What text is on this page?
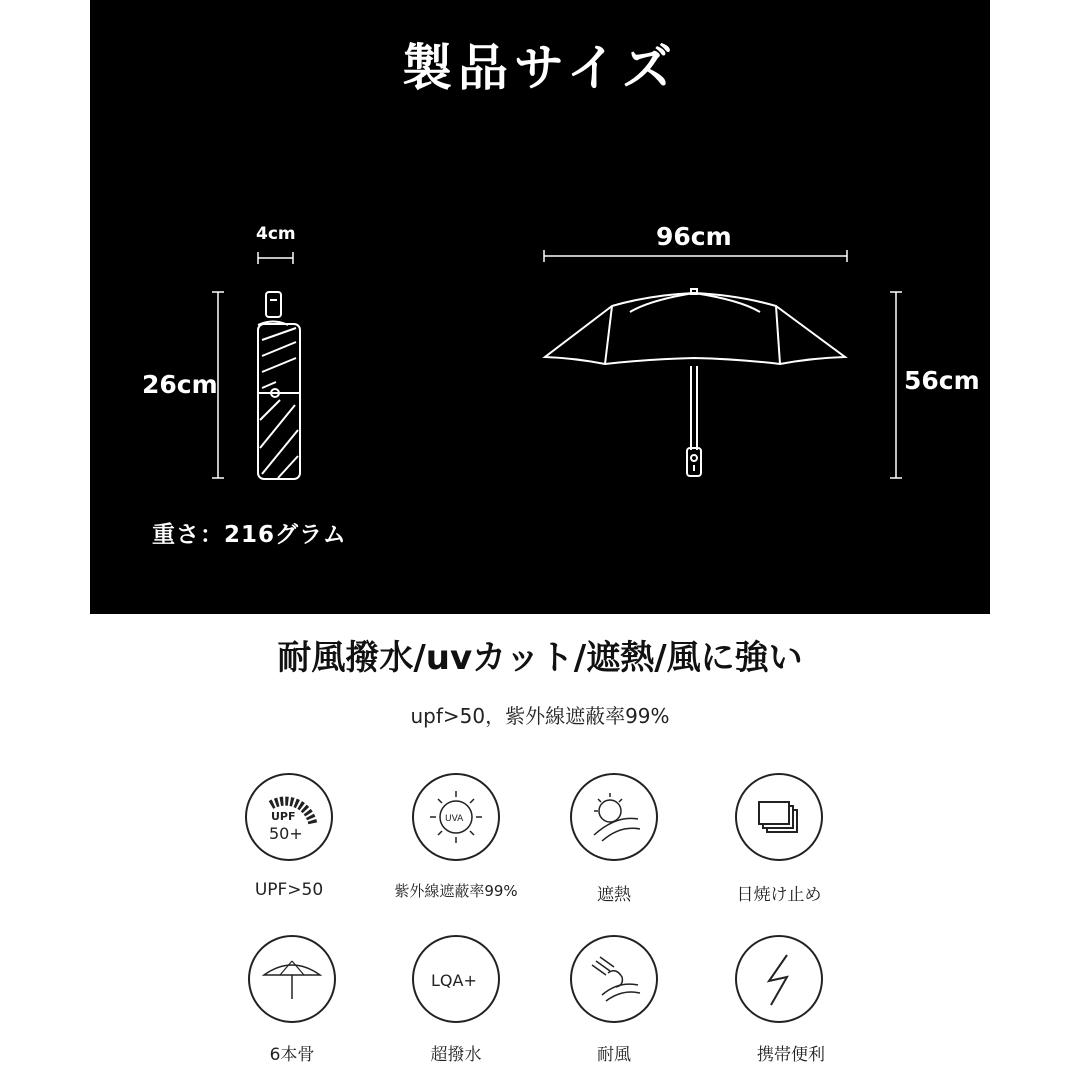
製品サイズ
4cm
26cm
96cm
56cm
重さ：216グラム
耐風撥水/uvカット/遮熱/風に強い
upf>50，紫外線遮蔽率99%
UPF
50+
UPF>50
UVA
紫外線遮蔽率99%	遮熱	日焼け止め
6本骨
LQA+
超撥水	耐風	携帯便利
